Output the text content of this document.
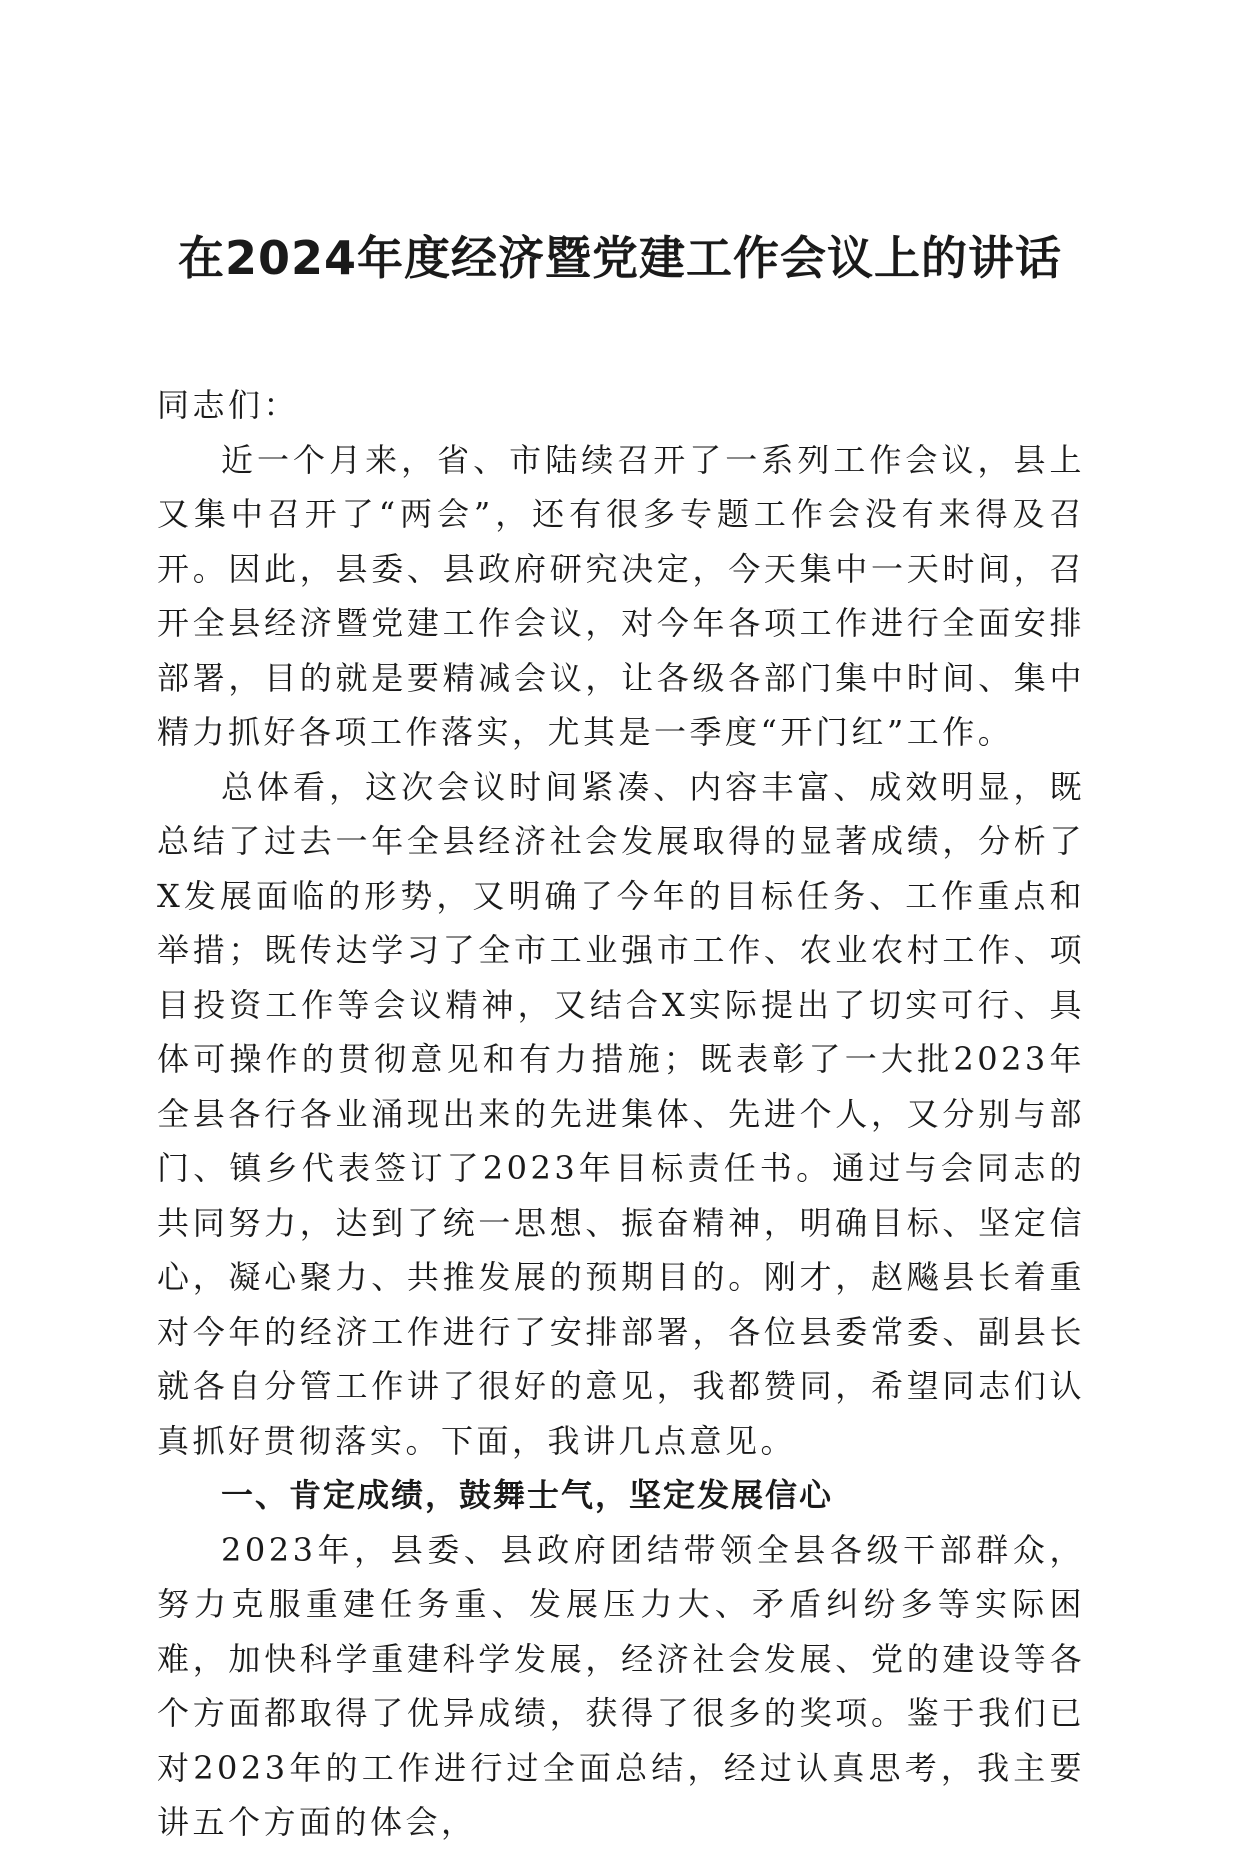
在2024年度经济暨党建工作会议上的讲话

同志们：

近一个月来，省、市陆续召开了一系列工作会议，县上又集中召开了“两会”，还有很多专题工作会没有来得及召开。因此，县委、县政府研究决定，今天集中一天时间，召开全县经济暨党建工作会议，对今年各项工作进行全面安排部署，目的就是要精减会议，让各级各部门集中时间、集中精力抓好各项工作落实，尤其是一季度“开门红”工作。

总体看，这次会议时间紧凑、内容丰富、成效明显，既总结了过去一年全县经济社会发展取得的显著成绩，分析了X发展面临的形势，又明确了今年的目标任务、工作重点和举措；既传达学习了全市工业强市工作、农业农村工作、项目投资工作等会议精神，又结合X实际提出了切实可行、具体可操作的贯彻意见和有力措施；既表彰了一大批2023年全县各行各业涌现出来的先进集体、先进个人，又分别与部门、镇乡代表签订了2023年目标责任书。通过与会同志的共同努力，达到了统一思想、振奋精神，明确目标、坚定信心，凝心聚力、共推发展的预期目的。刚才，赵飚县长着重对今年的经济工作进行了安排部署，各位县委常委、副县长就各自分管工作讲了很好的意见，我都赞同，希望同志们认真抓好贯彻落实。下面，我讲几点意见。

一、肯定成绩，鼓舞士气，坚定发展信心

2023年，县委、县政府团结带领全县各级干部群众，努力克服重建任务重、发展压力大、矛盾纠纷多等实际困难，加快科学重建科学发展，经济社会发展、党的建设等各个方面都取得了优异成绩，获得了很多的奖项。鉴于我们已对2023年的工作进行过全面总结，经过认真思考，我主要讲五个方面的体会，
